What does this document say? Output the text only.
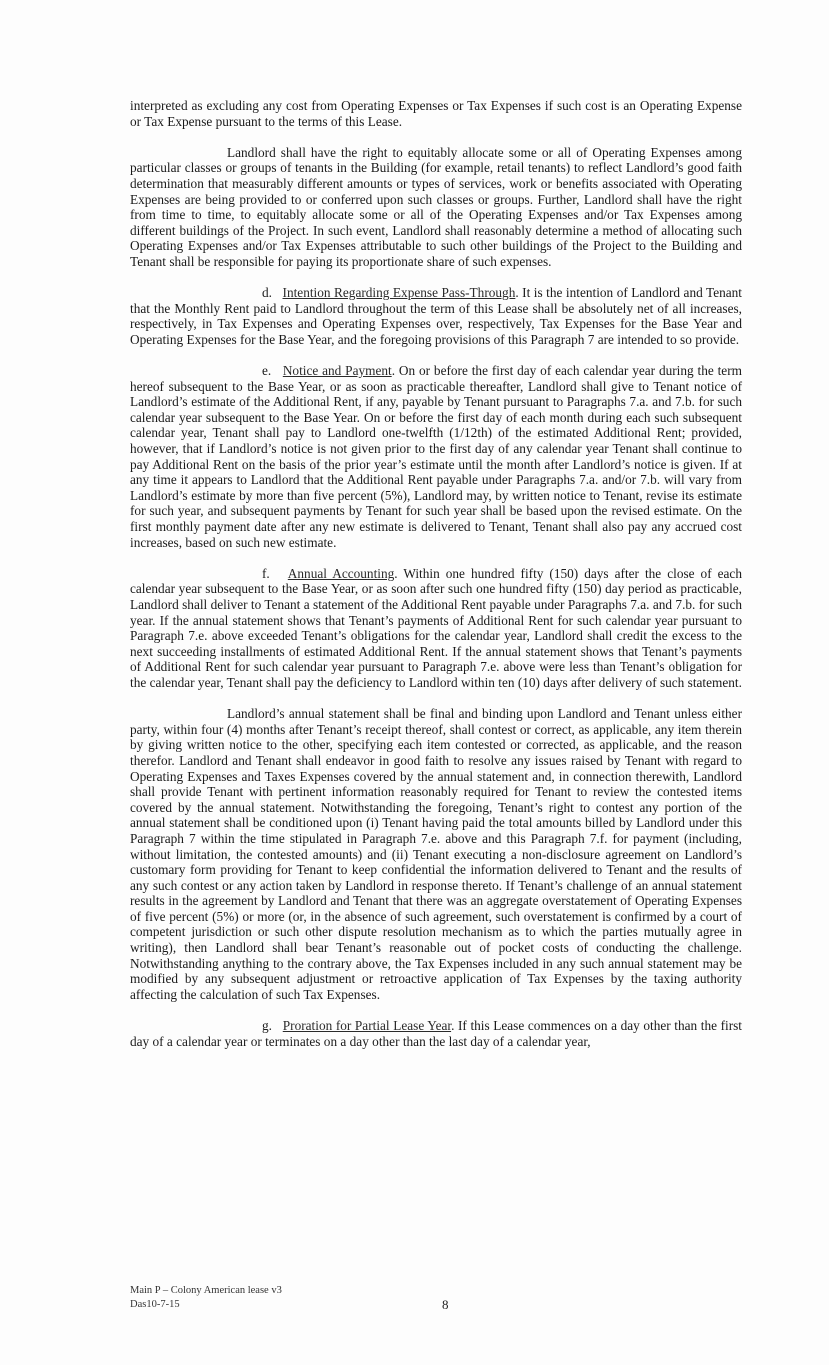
interpreted as excluding any cost from Operating Expenses or Tax Expenses if such cost is an Operating Expense or Tax Expense pursuant to the terms of this Lease.

Landlord shall have the right to equitably allocate some or all of Operating Expenses among particular classes or groups of tenants in the Building (for example, retail tenants) to reflect Landlord’s good faith determination that measurably different amounts or types of services, work or benefits associated with Operating Expenses are being provided to or conferred upon such classes or groups. Further, Landlord shall have the right from time to time, to equitably allocate some or all of the Operating Expenses and/or Tax Expenses among different buildings of the Project. In such event, Landlord shall reasonably determine a method of allocating such Operating Expenses and/or Tax Expenses attributable to such other buildings of the Project to the Building and Tenant shall be responsible for paying its proportionate share of such expenses.

d. Intention Regarding Expense Pass-Through. It is the intention of Landlord and Tenant that the Monthly Rent paid to Landlord throughout the term of this Lease shall be absolutely net of all increases, respectively, in Tax Expenses and Operating Expenses over, respectively, Tax Expenses for the Base Year and Operating Expenses for the Base Year, and the foregoing provisions of this Paragraph 7 are intended to so provide.

e. Notice and Payment. On or before the first day of each calendar year during the term hereof subsequent to the Base Year, or as soon as practicable thereafter, Landlord shall give to Tenant notice of Landlord’s estimate of the Additional Rent, if any, payable by Tenant pursuant to Paragraphs 7.a. and 7.b. for such calendar year subsequent to the Base Year. On or before the first day of each month during each such subsequent calendar year, Tenant shall pay to Landlord one-twelfth (1/12th) of the estimated Additional Rent; provided, however, that if Landlord’s notice is not given prior to the first day of any calendar year Tenant shall continue to pay Additional Rent on the basis of the prior year’s estimate until the month after Landlord’s notice is given. If at any time it appears to Landlord that the Additional Rent payable under Paragraphs 7.a. and/or 7.b. will vary from Landlord’s estimate by more than five percent (5%), Landlord may, by written notice to Tenant, revise its estimate for such year, and subsequent payments by Tenant for such year shall be based upon the revised estimate. On the first monthly payment date after any new estimate is delivered to Tenant, Tenant shall also pay any accrued cost increases, based on such new estimate.

f. Annual Accounting. Within one hundred fifty (150) days after the close of each calendar year subsequent to the Base Year, or as soon after such one hundred fifty (150) day period as practicable, Landlord shall deliver to Tenant a statement of the Additional Rent payable under Paragraphs 7.a. and 7.b. for such year. If the annual statement shows that Tenant’s payments of Additional Rent for such calendar year pursuant to Paragraph 7.e. above exceeded Tenant’s obligations for the calendar year, Landlord shall credit the excess to the next succeeding installments of estimated Additional Rent. If the annual statement shows that Tenant’s payments of Additional Rent for such calendar year pursuant to Paragraph 7.e. above were less than Tenant’s obligation for the calendar year, Tenant shall pay the deficiency to Landlord within ten (10) days after delivery of such statement.

Landlord’s annual statement shall be final and binding upon Landlord and Tenant unless either party, within four (4) months after Tenant’s receipt thereof, shall contest or correct, as applicable, any item therein by giving written notice to the other, specifying each item contested or corrected, as applicable, and the reason therefor. Landlord and Tenant shall endeavor in good faith to resolve any issues raised by Tenant with regard to Operating Expenses and Taxes Expenses covered by the annual statement and, in connection therewith, Landlord shall provide Tenant with pertinent information reasonably required for Tenant to review the contested items covered by the annual statement. Notwithstanding the foregoing, Tenant’s right to contest any portion of the annual statement shall be conditioned upon (i) Tenant having paid the total amounts billed by Landlord under this Paragraph 7 within the time stipulated in Paragraph 7.e. above and this Paragraph 7.f. for payment (including, without limitation, the contested amounts) and (ii) Tenant executing a non-disclosure agreement on Landlord’s customary form providing for Tenant to keep confidential the information delivered to Tenant and the results of any such contest or any action taken by Landlord in response thereto. If Tenant’s challenge of an annual statement results in the agreement by Landlord and Tenant that there was an aggregate overstatement of Operating Expenses of five percent (5%) or more (or, in the absence of such agreement, such overstatement is confirmed by a court of competent jurisdiction or such other dispute resolution mechanism as to which the parties mutually agree in writing), then Landlord shall bear Tenant’s reasonable out of pocket costs of conducting the challenge. Notwithstanding anything to the contrary above, the Tax Expenses included in any such annual statement may be modified by any subsequent adjustment or retroactive application of Tax Expenses by the taxing authority affecting the calculation of such Tax Expenses.

g. Proration for Partial Lease Year. If this Lease commences on a day other than the first day of a calendar year or terminates on a day other than the last day of a calendar year,

Main P – Colony American lease v3
Das10-7-15	8
